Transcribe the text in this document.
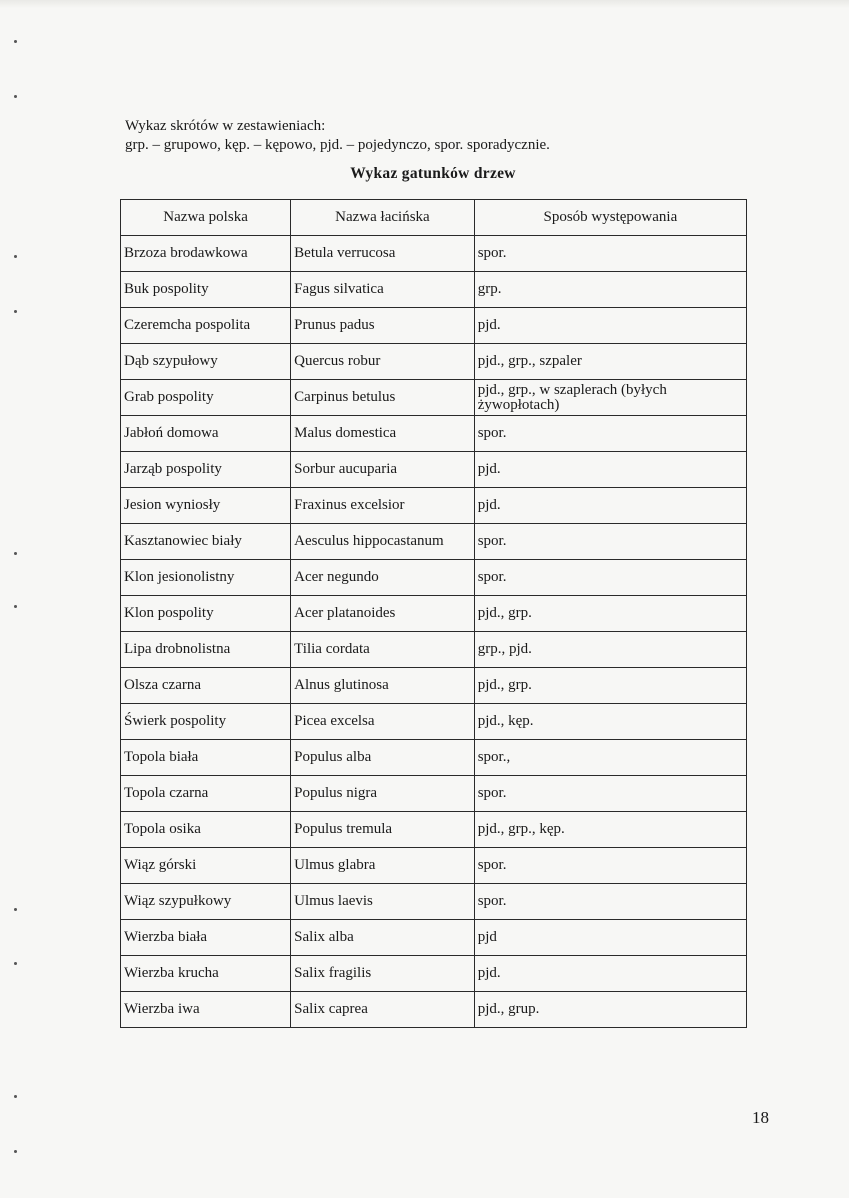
Wykaz skrótów w zestawieniach:
grp. – grupowo, kęp. – kępowo, pjd. – pojedynczo, spor. sporadycznie.
Wykaz gatunków drzew
Nazwa polska	Nazwa łacińska	Sposób występowania
Brzoza brodawkowa	Betula verrucosa	spor.
Buk pospolity	Fagus silvatica	grp.
Czeremcha pospolita	Prunus padus	pjd.
Dąb szypułowy	Quercus robur	pjd., grp., szpaler
Grab pospolity	Carpinus betulus	pjd., grp., w szaplerach (byłych żywopłotach)
Jabłoń domowa	Malus domestica	spor.
Jarząb pospolity	Sorbur aucuparia	pjd.
Jesion wyniosły	Fraxinus excelsior	pjd.
Kasztanowiec biały	Aesculus hippocastanum	spor.
Klon jesionolistny	Acer negundo	spor.
Klon pospolity	Acer platanoides	pjd., grp.
Lipa drobnolistna	Tilia cordata	grp., pjd.
Olsza czarna	Alnus glutinosa	pjd., grp.
Świerk pospolity	Picea excelsa	pjd., kęp.
Topola biała	Populus alba	spor.,
Topola czarna	Populus nigra	spor.
Topola osika	Populus tremula	pjd., grp., kęp.
Wiąz górski	Ulmus glabra	spor.
Wiąz szypułkowy	Ulmus laevis	spor.
Wierzba biała	Salix alba	pjd
Wierzba krucha	Salix fragilis	pjd.
Wierzba iwa	Salix caprea	pjd., grup.
18
